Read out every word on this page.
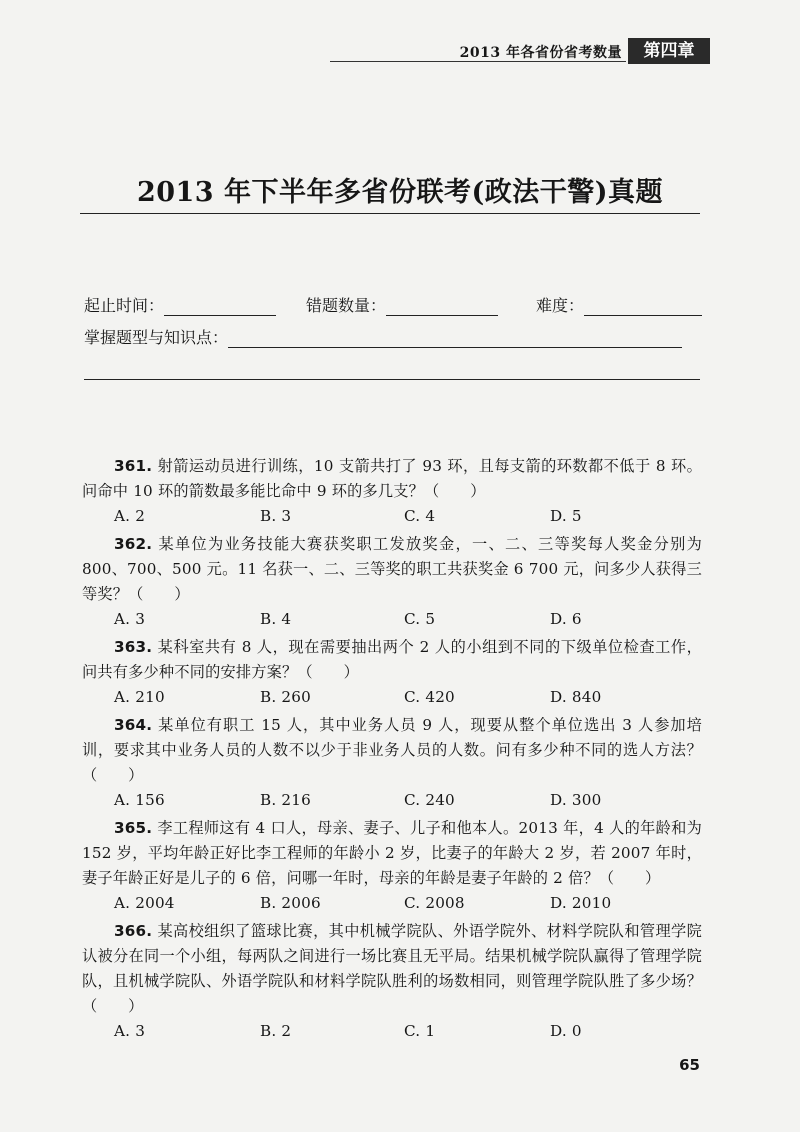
2013 年各省份省考数量	第四章
2013 年下半年多省份联考(政法干警)真题
起止时间：	错题数量：	难度：
掌握题型与知识点：

361. 射箭运动员进行训练，10 支箭共打了 93 环，且每支箭的环数都不低于 8 环。问命中 10 环的箭数最多能比命中 9 环的多几支？（　　）

A. 2	B. 3	C. 4	D. 5

362. 某单位为业务技能大赛获奖职工发放奖金，一、二、三等奖每人奖金分别为 800、700、500 元。11 名获一、二、三等奖的职工共获奖金 6 700 元，问多少人获得三等奖？（　　）

A. 3	B. 4	C. 5	D. 6

363. 某科室共有 8 人，现在需要抽出两个 2 人的小组到不同的下级单位检查工作，问共有多少种不同的安排方案？（　　）

A. 210	B. 260	C. 420	D. 840

364. 某单位有职工 15 人，其中业务人员 9 人，现要从整个单位选出 3 人参加培训，要求其中业务人员的人数不以少于非业务人员的人数。问有多少种不同的选人方法？（　　）

A. 156	B. 216	C. 240	D. 300

365. 李工程师这有 4 口人，母亲、妻子、儿子和他本人。2013 年，4 人的年龄和为 152 岁，平均年龄正好比李工程师的年龄小 2 岁，比妻子的年龄大 2 岁，若 2007 年时，妻子年龄正好是儿子的 6 倍，问哪一年时，母亲的年龄是妻子年龄的 2 倍？（　　）

A. 2004	B. 2006	C. 2008	D. 2010

366. 某高校组织了篮球比赛，其中机械学院队、外语学院外、材料学院队和管理学院认被分在同一个小组，每两队之间进行一场比赛且无平局。结果机械学院队赢得了管理学院队，且机械学院队、外语学院队和材料学院队胜利的场数相同，则管理学院队胜了多少场？（　　）

A. 3	B. 2	C. 1	D. 0
65
